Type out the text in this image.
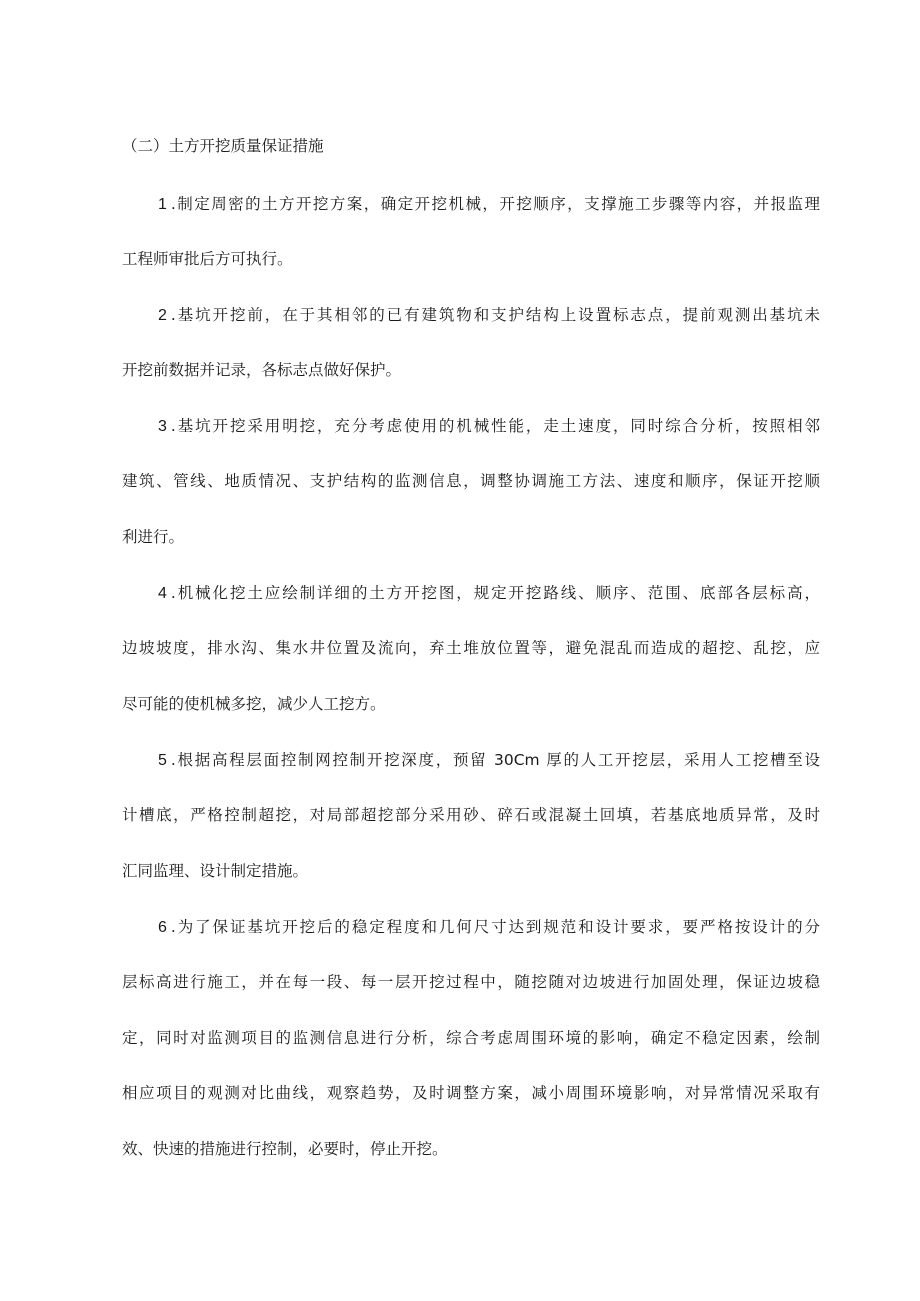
（二）土方开挖质量保证措施
1 .制定周密的土方开挖方案，确定开挖机械，开挖顺序，支撑施工步骤等内容，并报监理
工程师审批后方可执行。
2 .基坑开挖前，在于其相邻的已有建筑物和支护结构上设置标志点，提前观测出基坑未
开挖前数据并记录，各标志点做好保护。
3 .基坑开挖采用明挖，充分考虑使用的机械性能，走土速度，同时综合分析，按照相邻
建筑、管线、地质情况、支护结构的监测信息，调整协调施工方法、速度和顺序，保证开挖顺
利进行。
4 .机械化挖土应绘制详细的土方开挖图，规定开挖路线、顺序、范围、底部各层标高，
边坡坡度，排水沟、集水井位置及流向，弃土堆放位置等，避免混乱而造成的超挖、乱挖，应
尽可能的使机械多挖，减少人工挖方。
5 .根据高程层面控制网控制开挖深度，预留 30Cm 厚的人工开挖层，采用人工挖槽至设
计槽底，严格控制超挖，对局部超挖部分采用砂、碎石或混凝土回填，若基底地质异常，及时
汇同监理、设计制定措施。
6 .为了保证基坑开挖后的稳定程度和几何尺寸达到规范和设计要求，要严格按设计的分
层标高进行施工，并在每一段、每一层开挖过程中，随挖随对边坡进行加固处理，保证边坡稳
定，同时对监测项目的监测信息进行分析，综合考虑周围环境的影响，确定不稳定因素，绘制
相应项目的观测对比曲线，观察趋势，及时调整方案，减小周围环境影响，对异常情况采取有
效、快速的措施进行控制，必要时，停止开挖。
